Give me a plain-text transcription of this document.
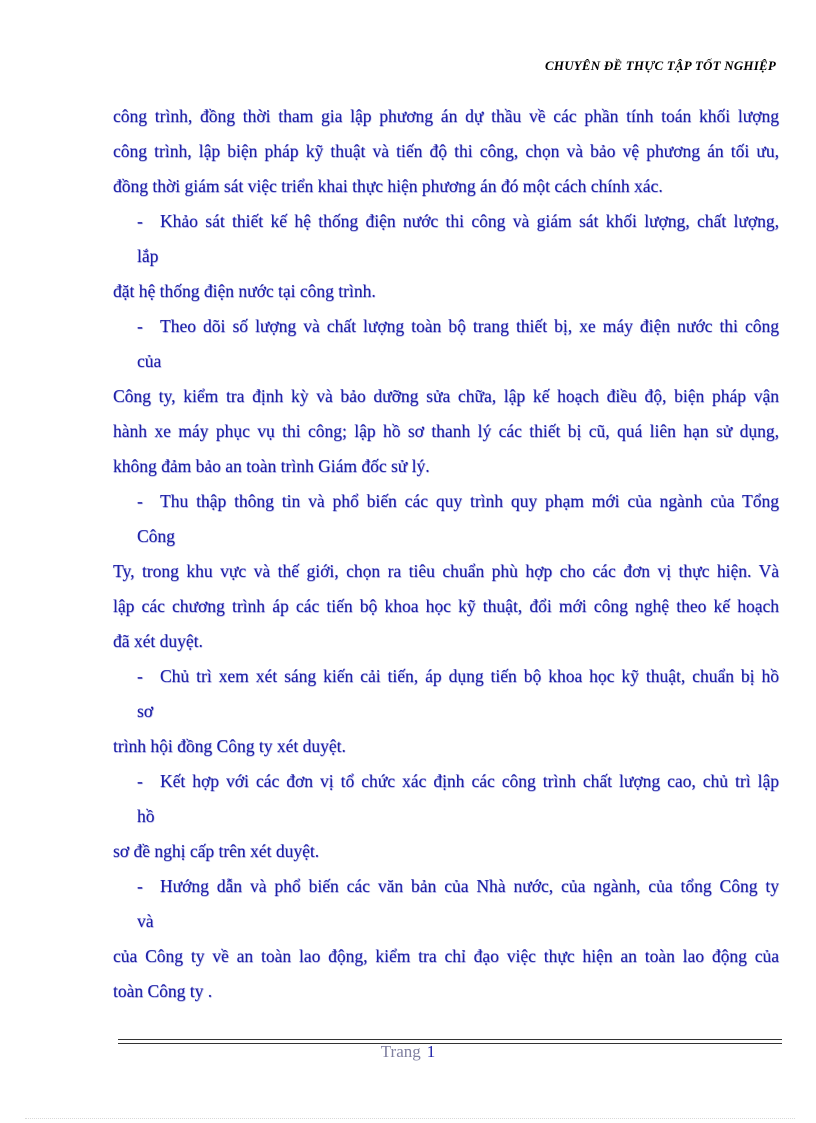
CHUYÊN ĐỀ THỰC TẬP TỐT NGHIỆP
công trình, đồng thời tham gia lập phương án dự thầu về các phần tính toán khối lượng
công trình, lập biện pháp kỹ thuật và tiến độ thi công, chọn và bảo vệ phương án tối ưu,
đồng thời giám sát việc triển khai thực hiện phương án đó một cách chính xác.
- Khảo sát thiết kế hệ thống điện nước thi công và giám sát khối lượng, chất lượng,
lắp
đặt hệ thống điện nước tại công trình.
- Theo dõi số lượng và chất lượng toàn bộ trang thiết bị, xe máy điện nước thi công
của
Công ty, kiểm tra định kỳ và bảo dưỡng sửa chữa, lập kế hoạch điều độ, biện pháp vận
hành xe máy phục vụ thi công; lập hồ sơ thanh lý các thiết bị cũ, quá liên hạn sử dụng,
không đảm bảo an toàn trình Giám đốc sử lý.
- Thu thập thông tin và phổ biến các quy trình quy phạm mới của ngành của Tổng
Công
Ty, trong khu vực và thế giới, chọn ra tiêu chuẩn phù hợp cho các đơn vị thực hiện. Và
lập các chương trình áp các tiến bộ khoa học kỹ thuật, đổi mới công nghệ theo kế hoạch
đã xét duyệt.
- Chủ trì xem xét sáng kiến cải tiến, áp dụng tiến bộ khoa học kỹ thuật, chuẩn bị hồ
sơ
trình hội đồng Công ty xét duyệt.
- Kết hợp với các đơn vị tổ chức xác định các công trình chất lượng cao, chủ trì lập
hồ
sơ đề nghị cấp trên xét duyệt.
- Hướng dẫn và phổ biến các văn bản của Nhà nước, của ngành, của tổng Công ty
và
của Công ty về an toàn lao động, kiểm tra chỉ đạo việc thực hiện an toàn lao động của
toàn Công ty .
Trang 1
